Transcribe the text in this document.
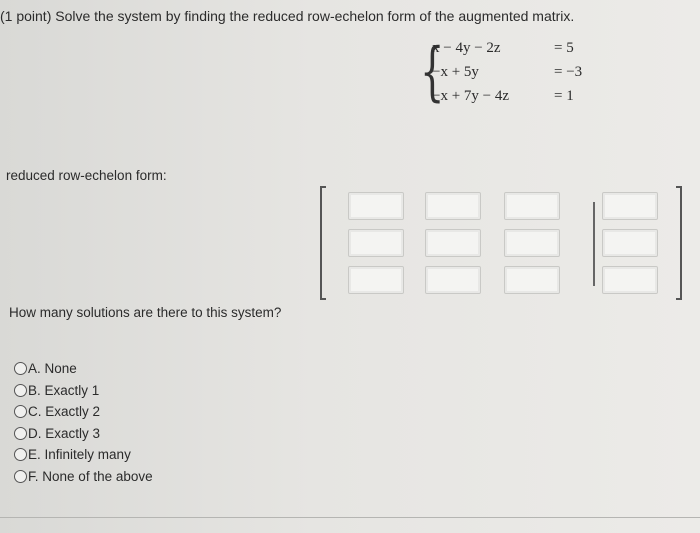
(1 point) Solve the system by finding the reduced row-echelon form of the augmented matrix.
{
x − 4y − 2z	= 5
−x + 5y	= −3
−x + 7y − 4z	= 1
reduced row-echelon form:
How many solutions are there to this system?
A.
None
B.
Exactly 1
C.
Exactly 2
D.
Exactly 3
E.
Infinitely many
F.
None of the above
